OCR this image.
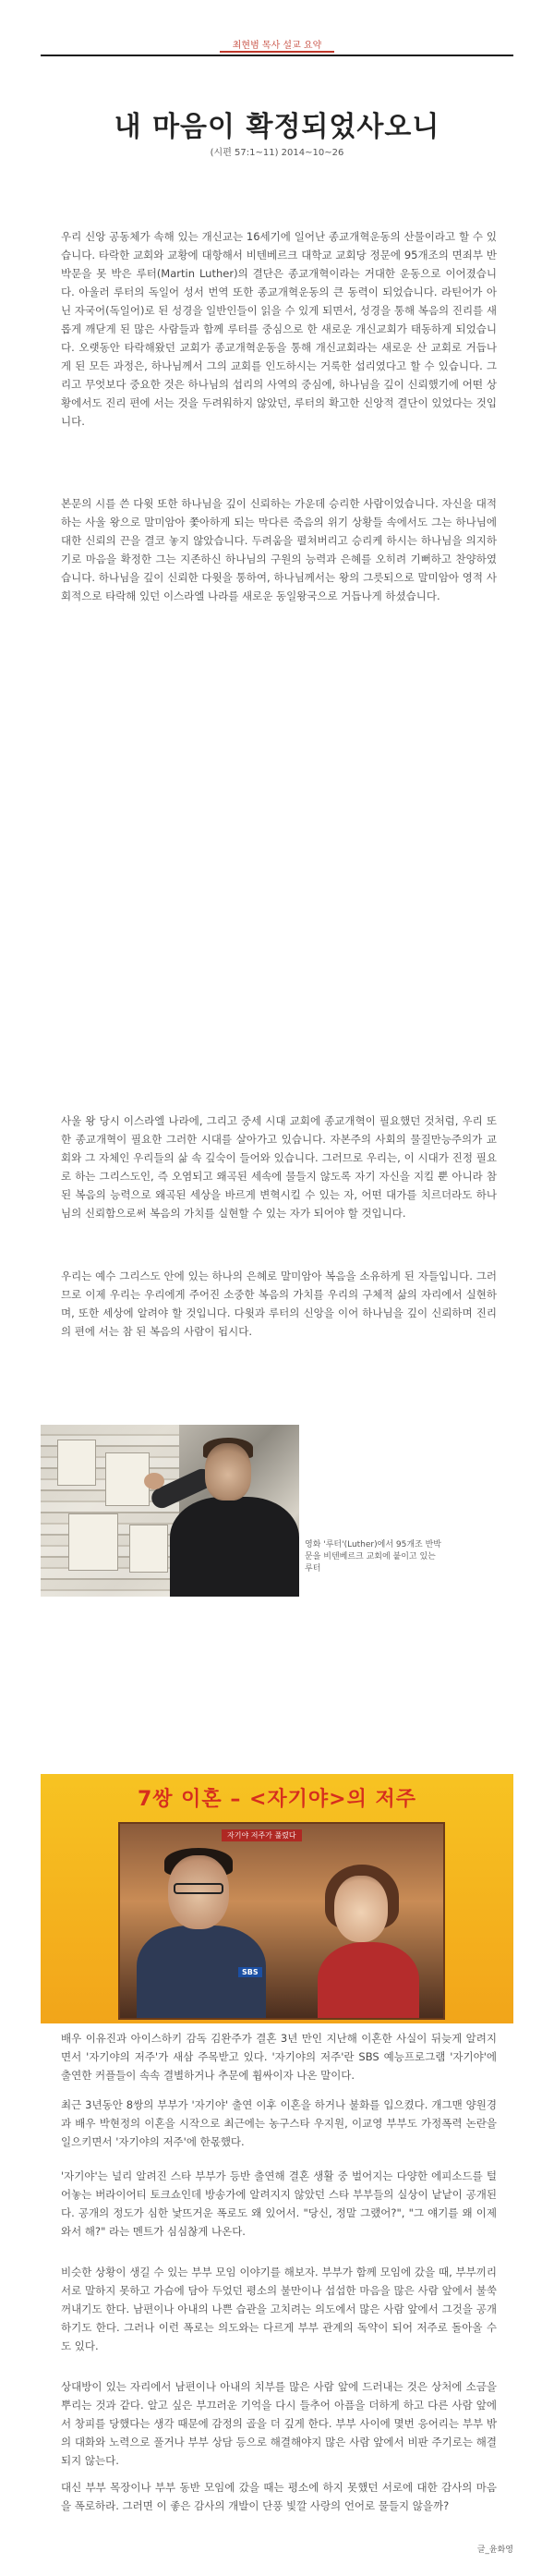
최현범 목사 설교 요약
내 마음이 확정되었사오니
(시편 57:1~11) 2014~10~26

우리 신앙 공동체가 속해 있는 개신교는 16세기에 일어난 종교개혁운동의 산물이라고 할 수 있습니다. 타락한 교회와 교황에 대항해서 비텐베르크 대학교 교회당 정문에 95개조의 면죄부 반박문을 못 박은 루터(Martin Luther)의 결단은 종교개혁이라는 거대한 운동으로 이어졌습니다. 아울러 루터의 독일어 성서 번역 또한 종교개혁운동의 큰 동력이 되었습니다. 라틴어가 아닌 자국어(독일어)로 된 성경을 일반인들이 읽을 수 있게 되면서, 성경을 통해 복음의 진리를 새롭게 깨닫게 된 많은 사람들과 함께 루터를 중심으로 한 새로운 개신교회가 태동하게 되었습니다. 오랫동안 타락해왔던 교회가 종교개혁운동을 통해 개신교회라는 새로운 산 교회로 거듭나게 된 모든 과정은, 하나님께서 그의 교회를 인도하시는 거룩한 섭리였다고 할 수 있습니다. 그리고 무엇보다 중요한 것은 하나님의 섭리의 사역의 중심에, 하나님을 깊이 신뢰했기에 어떤 상황에서도 진리 편에 서는 것을 두려워하지 않았던, 루터의 확고한 신앙적 결단이 있었다는 것입니다.

본문의 시를 쓴 다윗 또한 하나님을 깊이 신뢰하는 가운데 승리한 사람이었습니다. 자신을 대적하는 사울 왕으로 말미암아 쫓아하게 되는 막다른 죽음의 위기 상황들 속에서도 그는 하나님에 대한 신뢰의 끈을 결코 놓지 않았습니다. 두려움을 펼쳐버리고 승리케 하시는 하나님을 의지하기로 마음을 확정한 그는 지존하신 하나님의 구원의 능력과 은혜를 오히려 기뻐하고 찬양하였습니다. 하나님을 깊이 신뢰한 다윗을 통하여, 하나님께서는 왕의 그릇되으로 말미암아 영적 사회적으로 타락해 있던 이스라엘 나라를 새로운 동일왕국으로 거듭나게 하셨습니다.

사울 왕 당시 이스라엘 나라에, 그리고 중세 시대 교회에 종교개혁이 필요했던 것처럼, 우리 또한 종교개혁이 필요한 그러한 시대를 살아가고 있습니다. 자본주의 사회의 물질만능주의가 교회와 그 자체인 우리들의 삶 속 깊숙이 들어와 있습니다. 그러므로 우리는, 이 시대가 진정 필요로 하는 그리스도인, 즉 오염되고 왜곡된 세속에 물들지 않도록 자기 자신을 지킬 뿐 아니라 참된 복음의 능력으로 왜곡된 세상을 바르게 변혁시킬 수 있는 자, 어떤 대가를 치르더라도 하나님의 신뢰함으로써 복음의 가치를 실현할 수 있는 자가 되어야 할 것입니다.

우리는 예수 그리스도 안에 있는 하나의 은혜로 말미암아 복음을 소유하게 된 자들입니다. 그러므로 이제 우리는 우리에게 주어진 소중한 복음의 가치를 우리의 구체적 삶의 자리에서 실현하며, 또한 세상에 알려야 할 것입니다. 다윗과 루터의 신앙을 이어 하나님을 깊이 신뢰하며 진리의 편에 서는 참 된 복음의 사람이 됩시다.

영화 '루터'(Luther)에서 95개조 반박문을 비텐베르크 교회에 붙이고 있는 루터
7쌍 이혼 – <자기야>의 저주
자기야 저주가 풀렸다
SBS

배우 이유진과 아이스하키 감독 김완주가 결혼 3년 만인 지난해 이혼한 사실이 뒤늦게 알려지면서 '자기야의 저주'가 새삼 주목받고 있다. '자기야의 저주'란 SBS 예능프로그램 '자기야'에 출연한 커플들이 속속 결별하거나 추문에 휩싸이자 나온 말이다.

최근 3년동안 8쌍의 부부가 '자기야' 출연 이후 이혼을 하거나 불화를 입으켰다. 개그맨 양원경과 배우 박현정의 이혼을 시작으로 최근에는 농구스타 우지원, 이교영 부부도 가정폭력 논란을 일으키면서 '자기야의 저주'에 한몫했다.

'자기야'는 널리 알려진 스타 부부가 등반 출연해 결혼 생활 중 벌어지는 다양한 에피소드를 털어놓는 버라이어티 토크쇼인데 방송가에 알려지지 않았던 스타 부부들의 실상이 낱낱이 공개된다. 공개의 정도가 심한 낯뜨거운 폭로도 왜 있어서. "당신, 정말 그랬어?", "그 얘기를 왜 이제와서 해?" 라는 멘트가 심심찮게 나온다.

비슷한 상황이 생길 수 있는 부부 모임 이야기를 해보자. 부부가 함께 모임에 갔을 때, 부부끼리 서로 말하지 못하고 가슴에 담아 두었던 평소의 불만이나 섭섭한 마음을 많은 사람 앞에서 불쑥 꺼내기도 한다. 남편이나 아내의 나쁜 습관을 고치려는 의도에서 많은 사람 앞에서 그것을 공개하기도 한다. 그러나 이런 폭로는 의도와는 다르게 부부 관계의 독약이 되어 저주로 돌아올 수도 있다.

상대방이 있는 자리에서 남편이나 아내의 치부를 많은 사람 앞에 드러내는 것은 상처에 소금을 뿌리는 것과 같다. 알고 싶은 부끄러운 기억을 다시 들추어 아픔을 더하게 하고 다른 사람 앞에서 창피를 당했다는 생각 때문에 감정의 골을 더 깊게 한다. 부부 사이에 몇번 응어리는 부부 밖의 대화와 노력으로 풀거나 부부 상담 등으로 해결해야지 많은 사람 앞에서 비판 주기로는 해결되지 않는다.

대신 부부 목장이나 부부 동반 모임에 갔을 때는 평소에 하지 못했던 서로에 대한 감사의 마음을 폭로하라. 그러면 이 좋은 감사의 개발이 단풍 빛깔 사랑의 언어로 물들지 않을까?

글_윤화영
